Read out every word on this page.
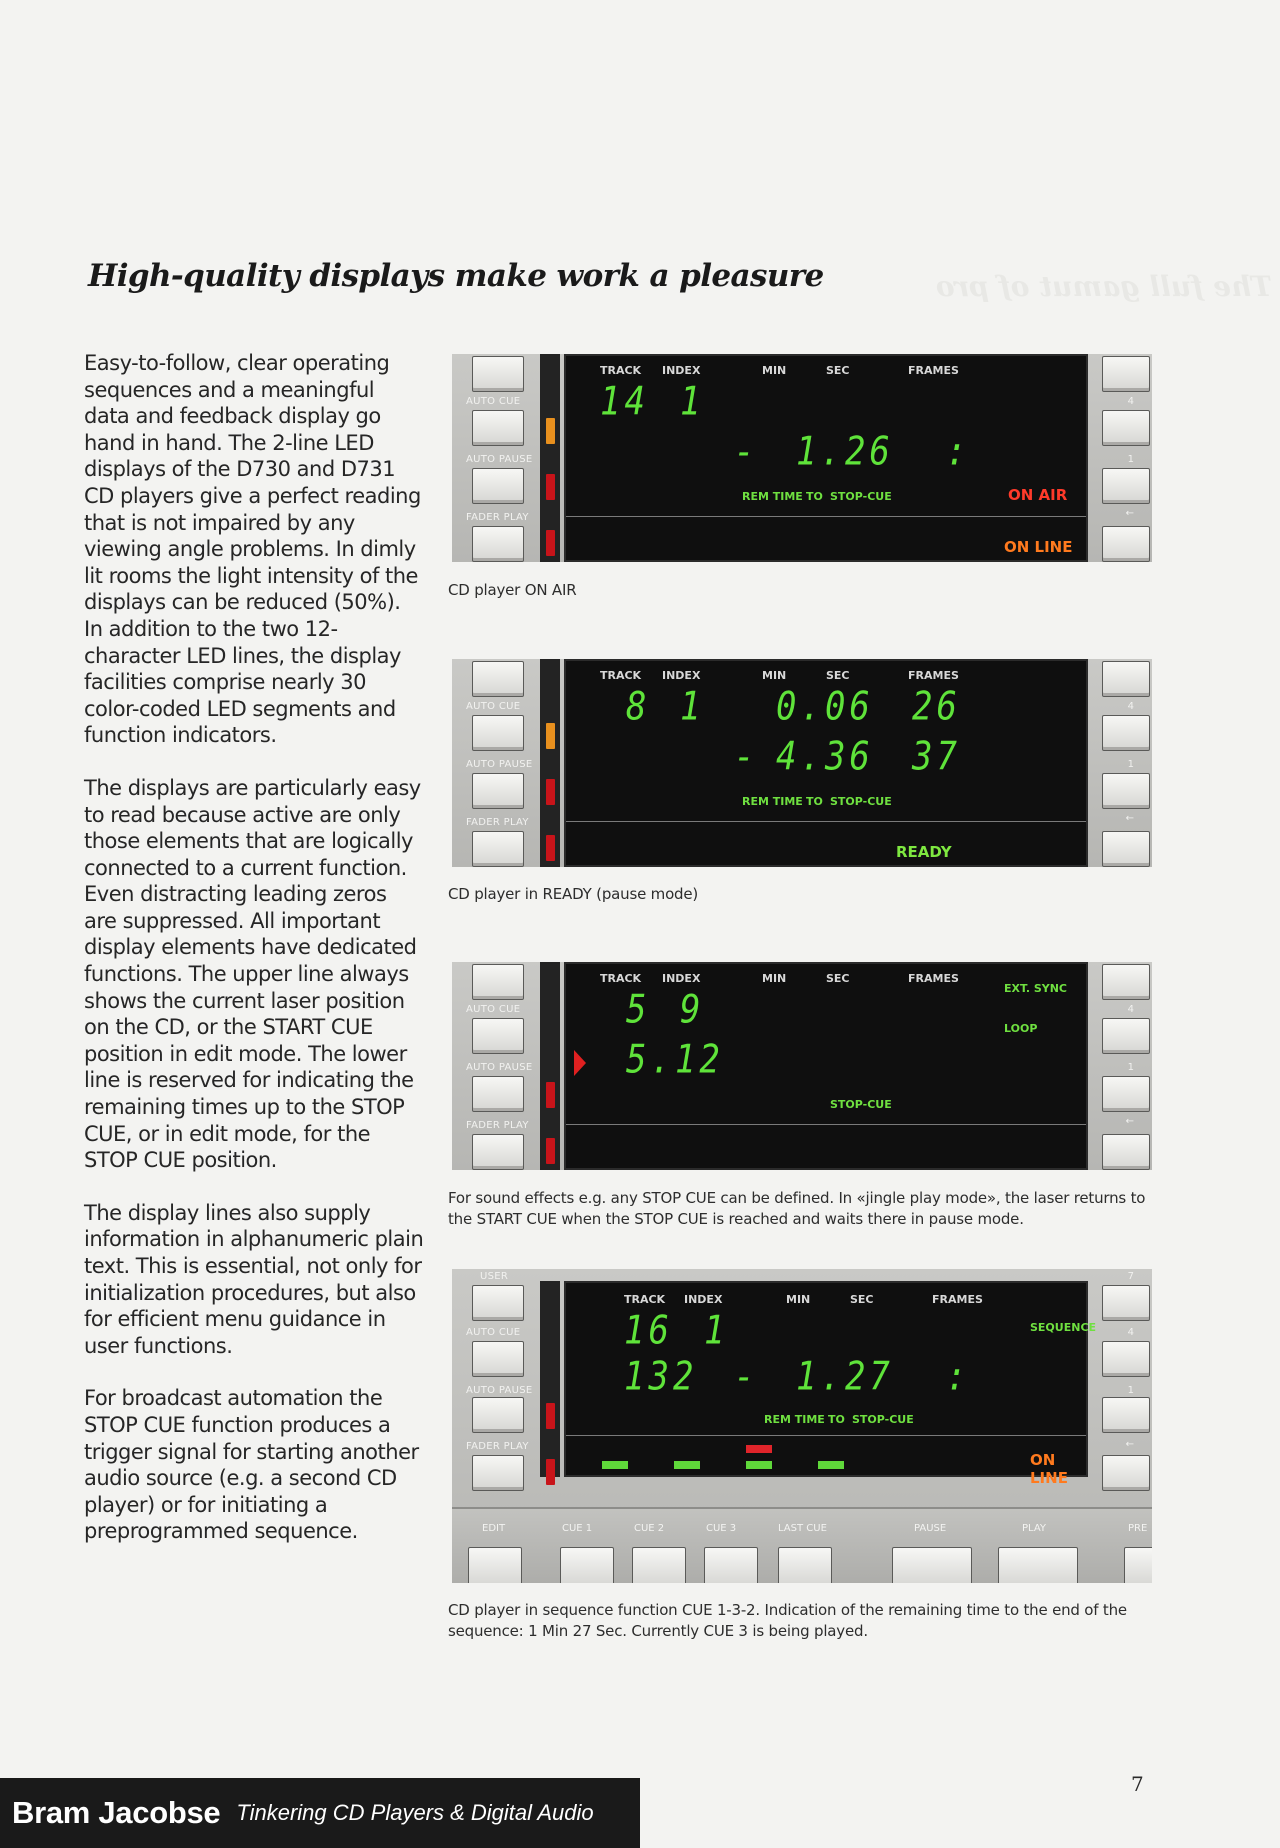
The full gamut of pro
High-quality displays make work a pleasure

Easy-to-follow, clear operating sequences and a meaningful data and feedback display go hand in hand. The 2-line LED displays of the D730 and D731 CD players give a perfect reading that is not impaired by any viewing angle problems. In dimly lit rooms the light intensity of the displays can be reduced (50%). In addition to the two 12-character LED lines, the display facilities comprise nearly 30 color-coded LED segments and function indicators.

The displays are particularly easy to read because active are only those elements that are logically connected to a current function. Even distracting leading zeros are suppressed. All important display elements have dedicated functions. The upper line always shows the current laser position on the CD, or the START CUE position in edit mode. The lower line is reserved for indicating the remaining times up to the STOP CUE, or in edit mode, for the STOP CUE position.

The display lines also supply information in alphanumeric plain text. This is essential, not only for initialization procedures, but also for efficient menu guidance in user functions.

For broadcast automation the STOP CUE function produces a trigger signal for starting another audio source (e.g. a second CD player) or for initiating a preprogrammed sequence.

AUTO CUE
AUTO PAUSE
FADER PLAY
TRACK INDEX	MIN	SEC	FRAMES
14 1
- 1.26 :
REM TIME TO STOP-CUE	ON AIR
ON LINE
4
1
←
CD player ON AIR
AUTO CUE
AUTO PAUSE
FADER PLAY
TRACK INDEX	MIN	SEC	FRAMES
8 1 0.06 26
- 4.36 37
REM TIME TO STOP-CUE
READY
4
1
←
CD player in READY (pause mode)
AUTO CUE
AUTO PAUSE
FADER PLAY
TRACK INDEX	MIN	SEC	FRAMES
EXT. SYNC
LOOP
5 9
5.12
STOP-CUE
4
1
←
For sound effects e.g. any STOP CUE can be defined. In «jingle play mode», the laser returns to the START CUE when the STOP CUE is reached and waits there in pause mode.
USER
AUTO CUE
AUTO PAUSE
FADER PLAY
TRACK INDEX	MIN	SEC	FRAMES
SEQUENCE
16 1
132 - 1.27 :
REM TIME TO STOP-CUE
ON LINE
7
4
1
←
EDIT	CUE 1	CUE 2	CUE 3	LAST CUE	PAUSE	PLAY	PRE
CD player in sequence function CUE 1-3-2. Indication of the remaining time to the end of the sequence: 1 Min 27 Sec. Currently CUE 3 is being played.
7
Bram Jacobse Tinkering CD Players & Digital Audio
